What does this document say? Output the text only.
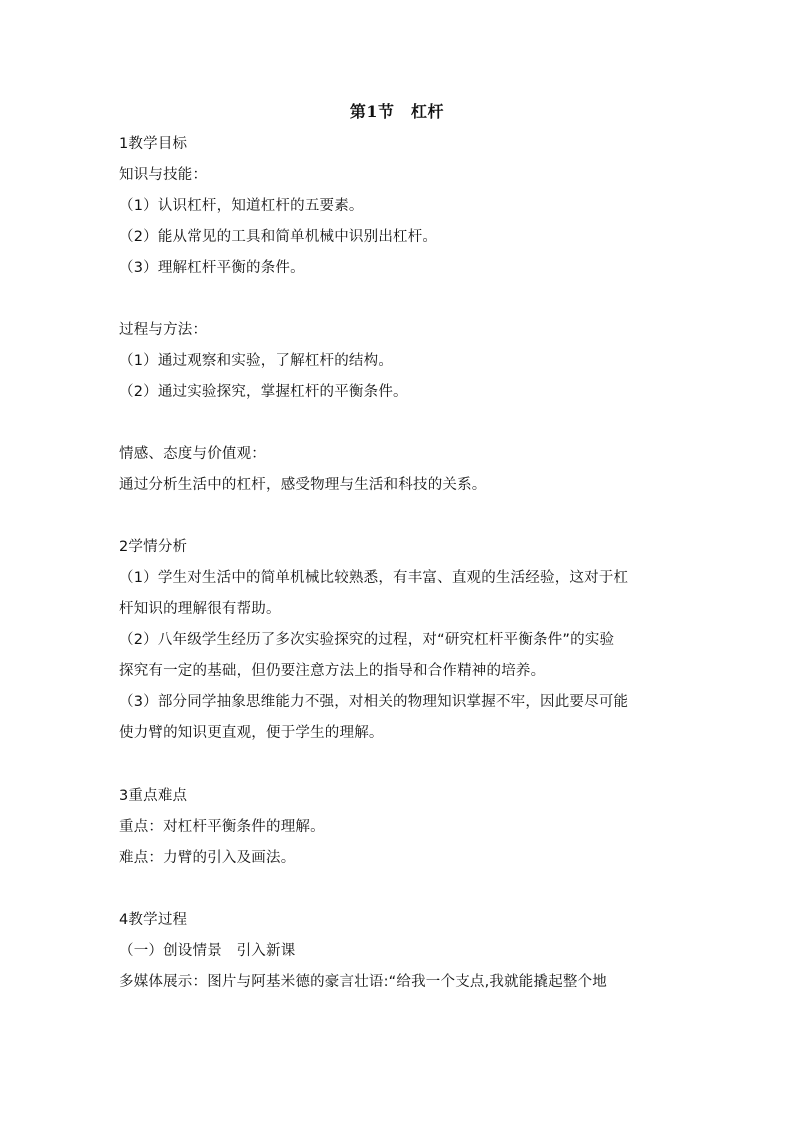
第1节　杠杆
1教学目标
知识与技能：
（1）认识杠杆，知道杠杆的五要素。
（2）能从常见的工具和简单机械中识别出杠杆。
（3）理解杠杆平衡的条件。
过程与方法：
（1）通过观察和实验，了解杠杆的结构。
（2）通过实验探究，掌握杠杆的平衡条件。
情感、态度与价值观：
通过分析生活中的杠杆，感受物理与生活和科技的关系。
2学情分析
（1）学生对生活中的简单机械比较熟悉，有丰富、直观的生活经验，这对于杠
杆知识的理解很有帮助。
（2）八年级学生经历了多次实验探究的过程，对“研究杠杆平衡条件”的实验
探究有一定的基础，但仍要注意方法上的指导和合作精神的培养。
（3）部分同学抽象思维能力不强，对相关的物理知识掌握不牢，因此要尽可能
使力臂的知识更直观，便于学生的理解。
3重点难点
重点：对杠杆平衡条件的理解。
难点：力臂的引入及画法。
4教学过程
（一）创设情景　引入新课
多媒体展示：图片与阿基米德的豪言壮语:“给我一个支点,我就能撬起整个地
